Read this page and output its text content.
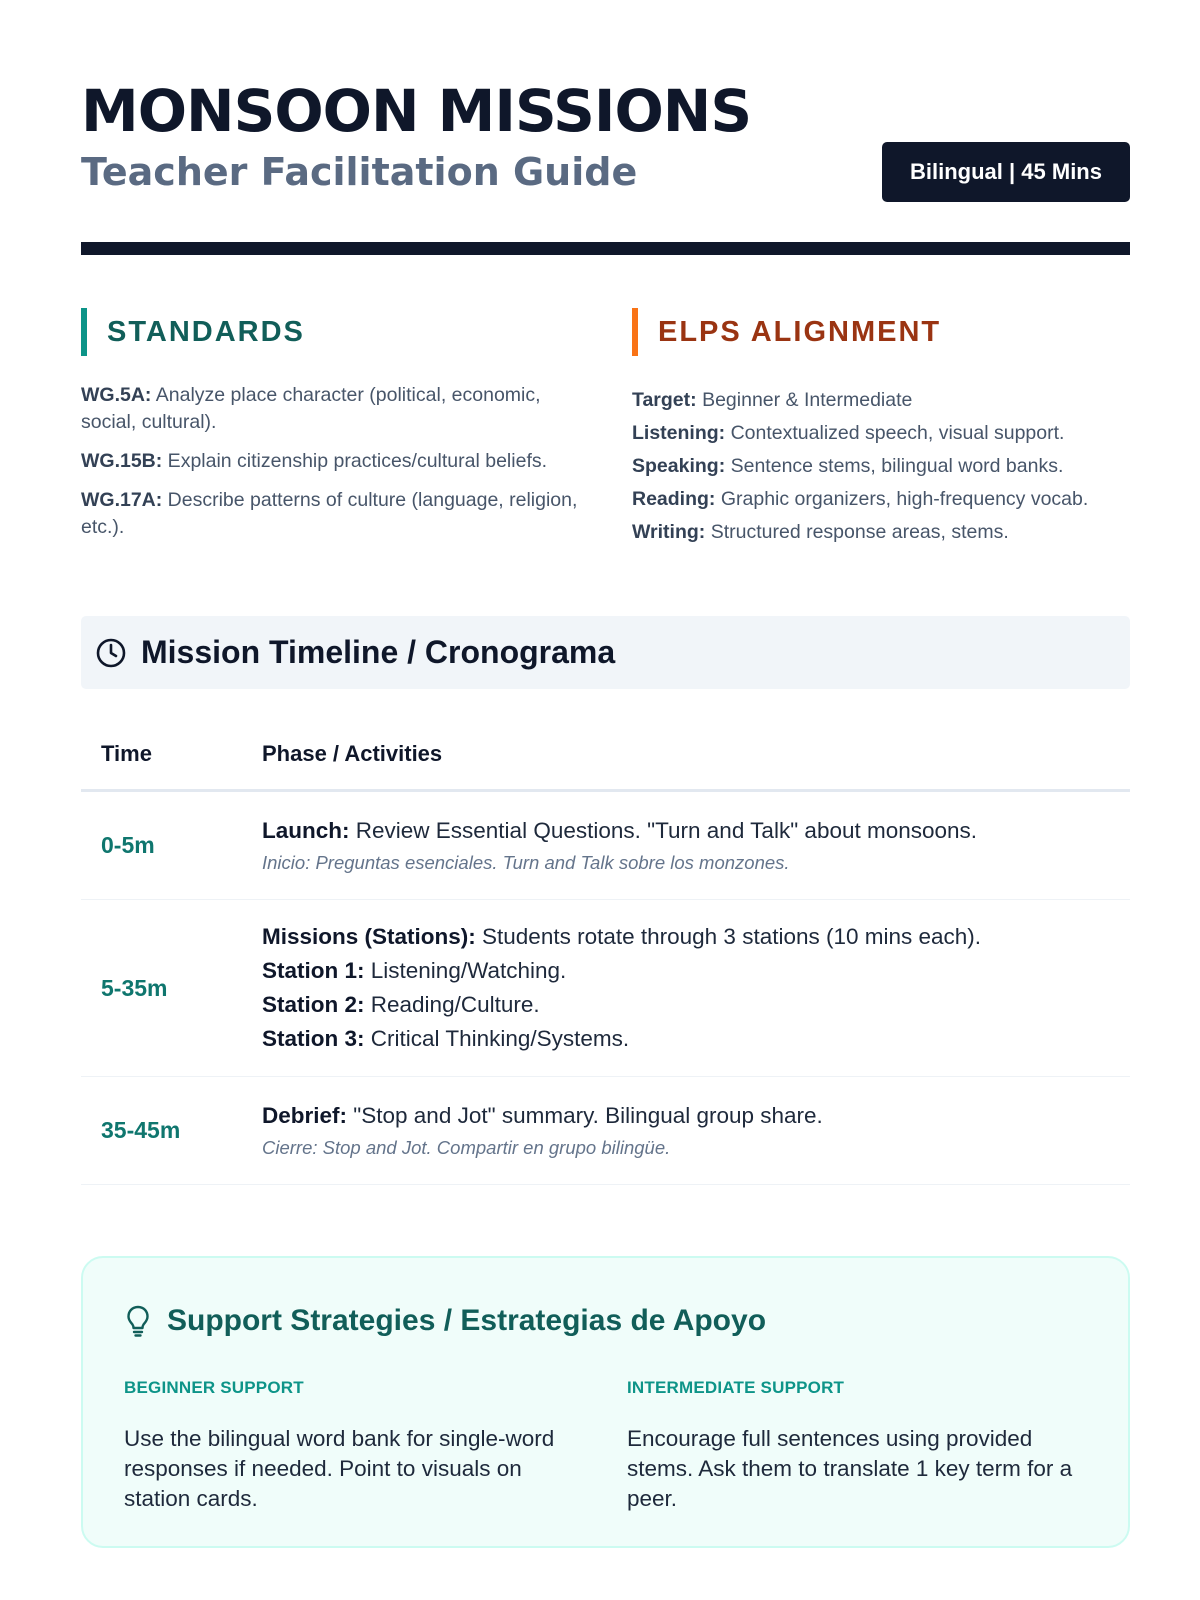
MONSOON MISSIONS
Teacher Facilitation Guide	Bilingual | 45 Mins
STANDARDS
WG.5A: Analyze place character (political, economic, social, cultural).
WG.15B: Explain citizenship practices/cultural beliefs.
WG.17A: Describe patterns of culture (language, religion, etc.).
ELPS ALIGNMENT
Target: Beginner & Intermediate
Listening: Contextualized speech, visual support.
Speaking: Sentence stems, bilingual word banks.
Reading: Graphic organizers, high-frequency vocab.
Writing: Structured response areas, stems.
Mission Timeline / Cronograma
Time	Phase / Activities
0-5m
Launch: Review Essential Questions. "Turn and Talk" about monsoons.
Inicio: Preguntas esenciales. Turn and Talk sobre los monzones.
5-35m
Missions (Stations): Students rotate through 3 stations (10 mins each).
Station 1: Listening/Watching.
Station 2: Reading/Culture.
Station 3: Critical Thinking/Systems.
35-45m
Debrief: "Stop and Jot" summary. Bilingual group share.
Cierre: Stop and Jot. Compartir en grupo bilingüe.
Support Strategies / Estrategias de Apoyo
BEGINNER SUPPORT
Use the bilingual word bank for single-word responses if needed. Point to visuals on station cards.
INTERMEDIATE SUPPORT
Encourage full sentences using provided stems. Ask them to translate 1 key term for a peer.
